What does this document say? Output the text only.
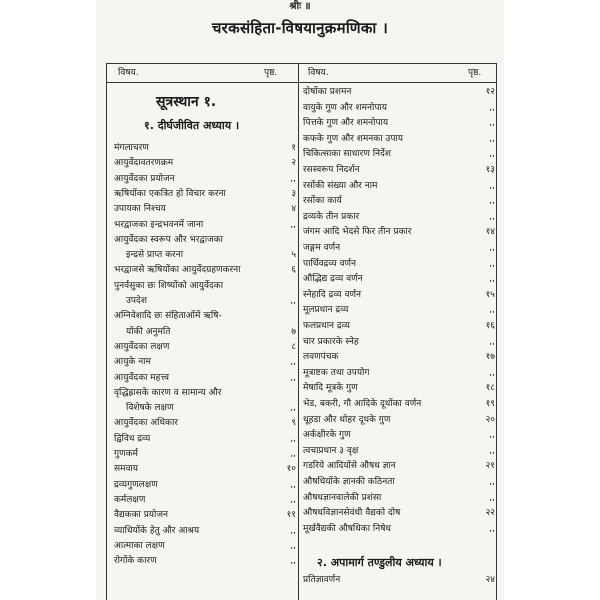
श्रीः ॥
चरकसंहिता-विषयानुक्रमणिका ।
विषय.	पृष्ठ.	विषय.	पृष्ठ.
सूत्रस्थान १.
१. दीर्घजीवित अध्याय ।
मंगलाचरण	१
आयुर्वेदावतरणक्रम	२
आयुर्वेदका प्रयोजन	,,
ऋषियोंका एकत्रित हो विचार करना	३
उपायका निश्चय	४
भरद्वाजका इन्द्रभवनमें जाना	,,
आयुर्वेदका स्वरूप और भरद्वाजका
इन्द्रसे प्राप्त करना	५
भरद्वाजसे ऋषियोंका आयुर्वेदग्रहणकरना	६
पुनर्वसुका छः शिष्योंको आयुर्वेदका
उपदेश	,,
अग्निवेशादि छः संहिताओंमें ऋषि-
योंकी अनुमति	७
आयुर्वेदका लक्षण	८
आयुके नाम	,,
आयुर्वेदका महत्त्व	,,
वृद्धिह्रासके कारण व सामान्य और
विशेषके लक्षण	,,
आयुर्वेदका अधिकार	९
द्विविध द्रव्य	,,
गुणकर्म	,,
समवाय	१०
द्रव्यगुणलक्षण	,,
कर्मलक्षण	,,
वैद्यकका प्रयोजन	११
व्याधियोंके हेतु और आश्रय	,,
आत्माका लक्षण	,,
रोगोंके कारण	,,
दोषोंका प्रशमन	१२
वायुके गुण और शमनोपाय	,,
पित्तके गुण और शमनोपाय	,,
कफके गुण और शमनका उपाय	,,
चिकित्साका साधारण निर्देश	,,
रसस्वरूप निदर्शन	१३
रसोंकी संख्या और नाम	,,
रसोंका कार्य	,,
द्रव्यके तीन प्रकार	,,
जंगम आदि भेदसे फिर तीन प्रकार	१४
जङ्गम वर्णन	,,
पार्थिवद्रव्य वर्णन	,,
औद्भिद्य द्रव्य वर्णन	,,
स्नेहादि द्रव्य वर्णन	१५
मूलप्रधान द्रव्य	,,
फलप्रधान द्रव्य	१६
चार प्रकारके स्नेह	,,
लवणपंचक	१७
मूत्राष्टक तथा उपयोग	,,
मेषादि मूत्रके गुण	१८
भेड, बकरी, गौ आदिके दूधोंका वर्णन	१९
थूहडा और थोहर दूधके गुण	२०
अर्कक्षीरके गुण	,,
त्वचाप्रधान ३ वृक्ष	,,
गडरिये आदियोंसे औषध ज्ञान	२१
औषधियोंके ज्ञानकी कठिनता	,,
औषधज्ञानवालेकी प्रशंसा	,,
औषधविज्ञानसेवंधी वैद्यको दोष	२२
मूर्खवैद्यकी औषधिका निषेध	,,
२. अपामार्ग तण्डुलीय अध्याय ।
प्रतिज्ञावर्णन	२४
